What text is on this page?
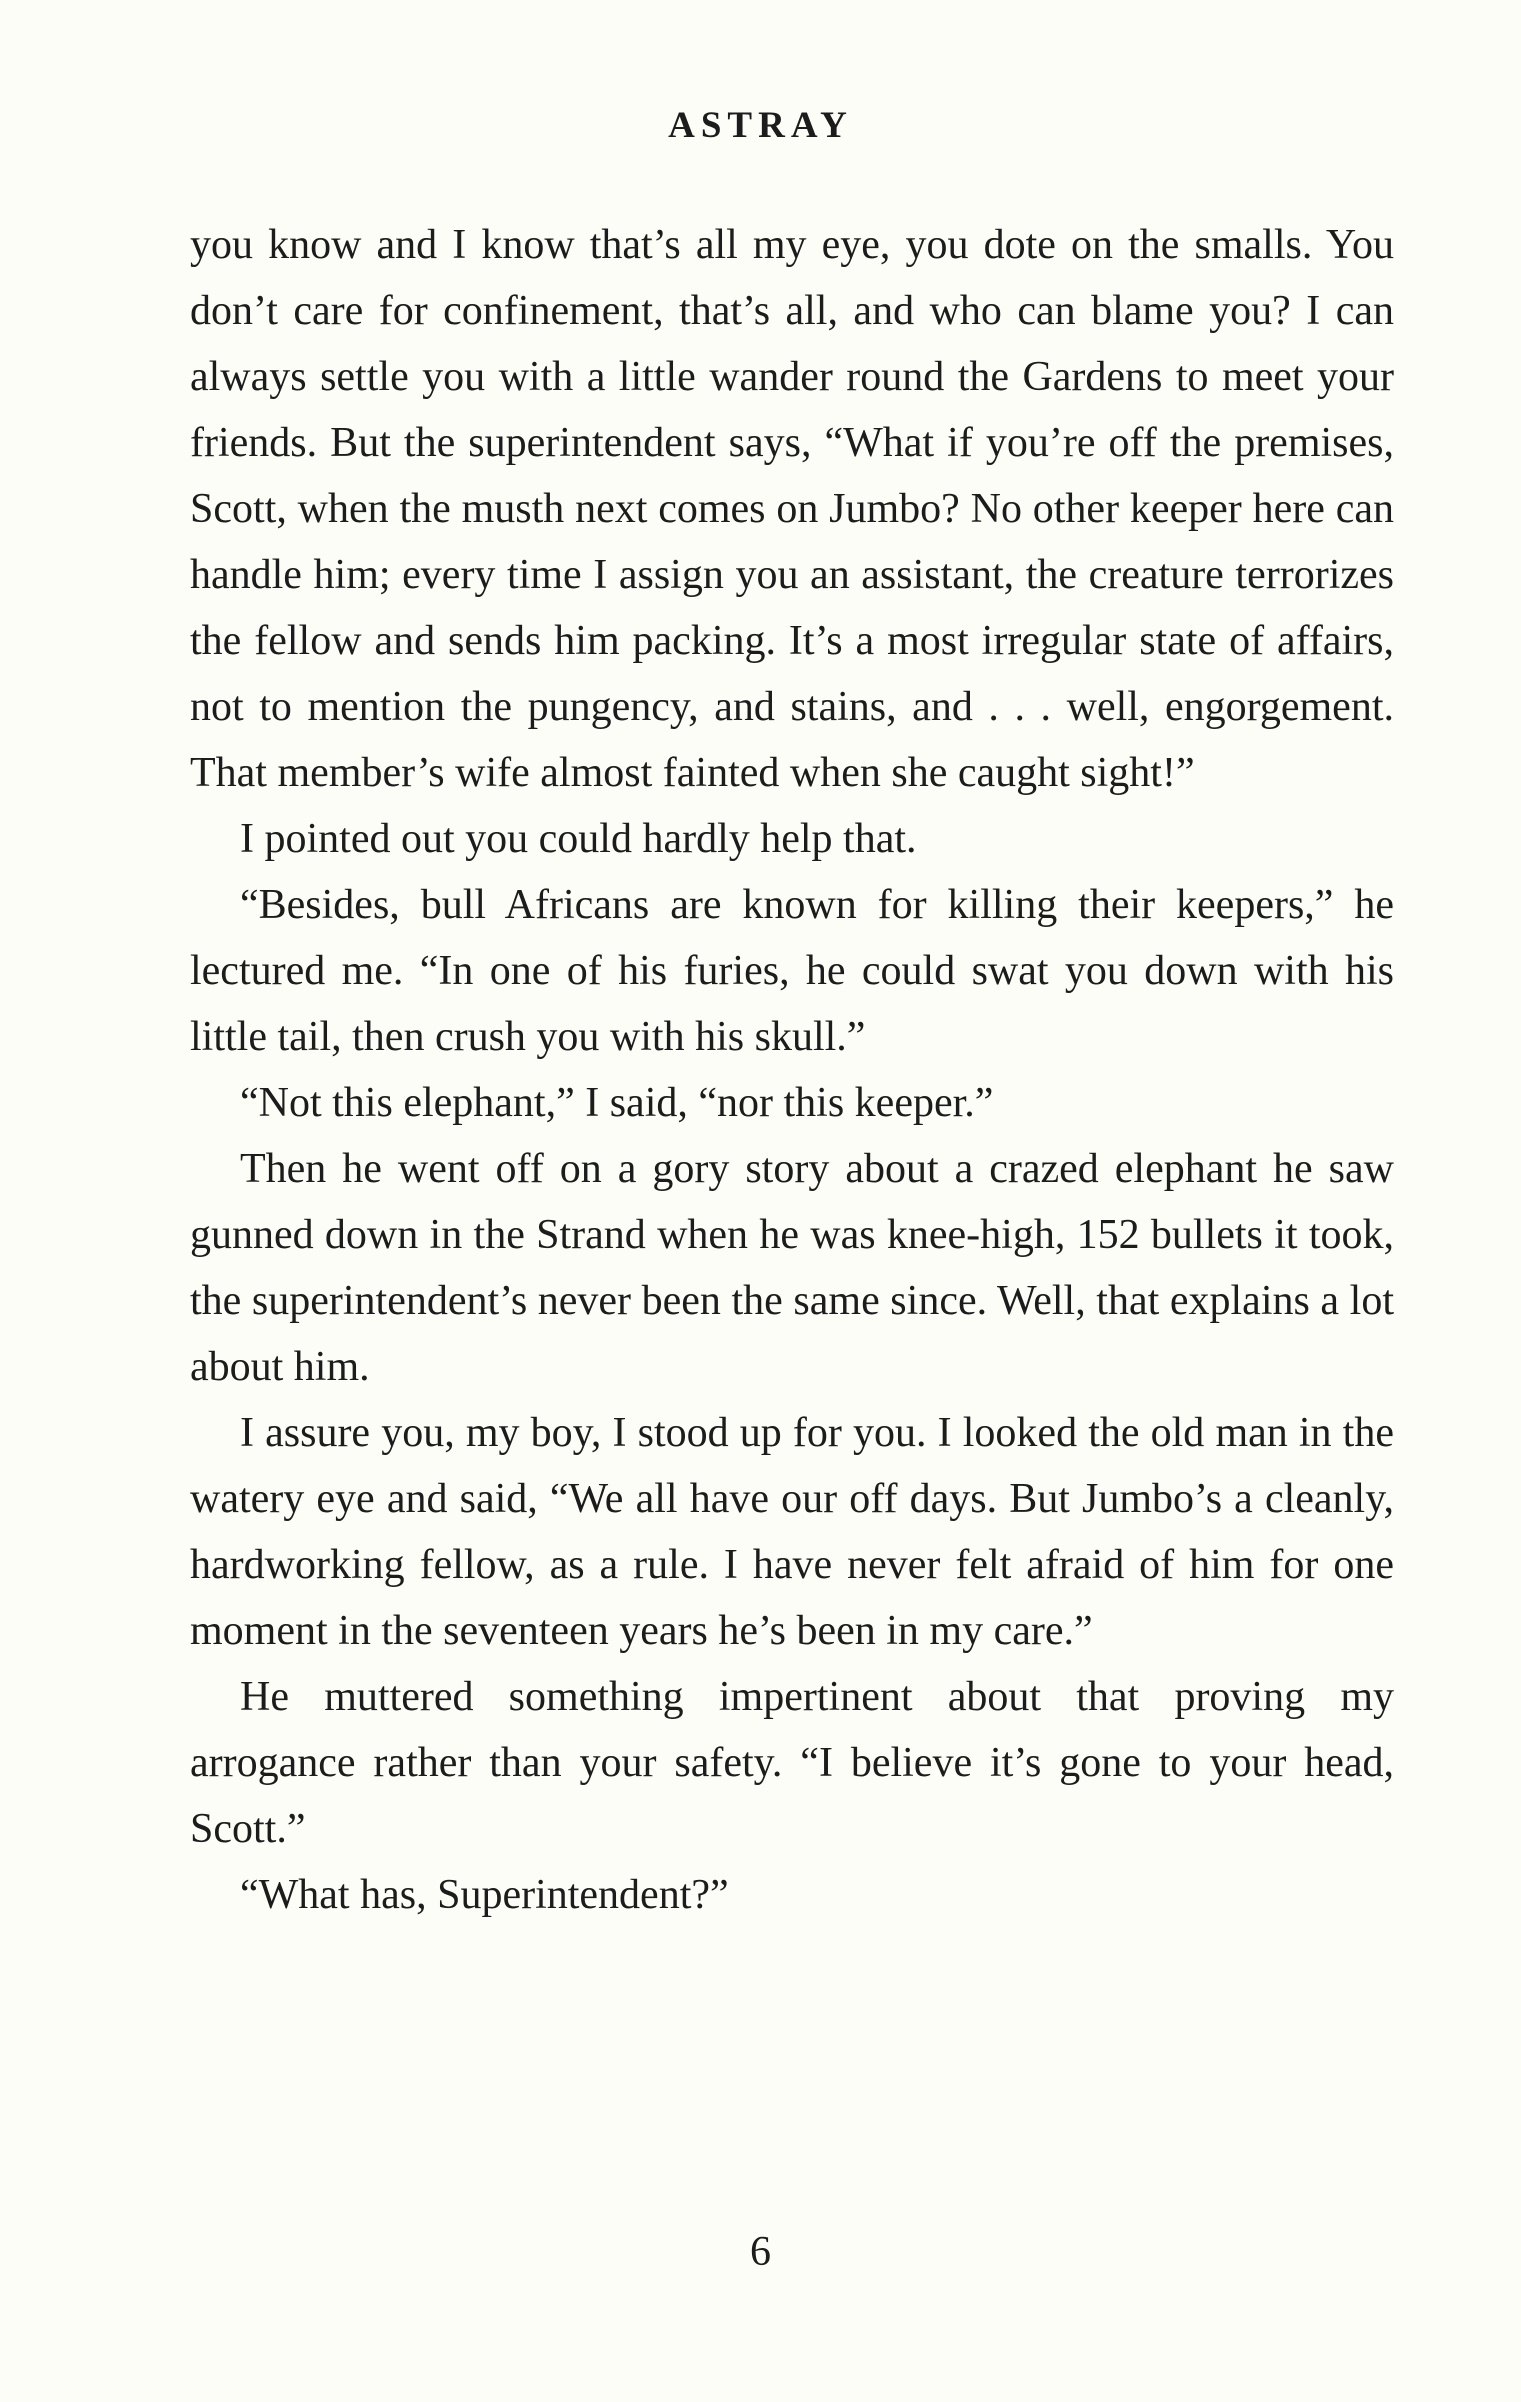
ASTRAY

you know and I know that’s all my eye, you dote on the smalls. You don’t care for confinement, that’s all, and who can blame you? I can always settle you with a little wander round the Gardens to meet your friends. But the superintendent says, “What if you’re off the premises, Scott, when the musth next comes on Jumbo? No other keeper here can handle him; every time I assign you an assistant, the creature terrorizes the fellow and sends him packing. It’s a most irregular state of affairs, not to mention the pungency, and stains, and . . . well, engorgement. That member’s wife almost fainted when she caught sight!”

I pointed out you could hardly help that.

“Besides, bull Africans are known for killing their keepers,” he lectured me. “In one of his furies, he could swat you down with his little tail, then crush you with his skull.”

“Not this elephant,” I said, “nor this keeper.”

Then he went off on a gory story about a crazed elephant he saw gunned down in the Strand when he was knee-high, 152 bullets it took, the superintendent’s never been the same since. Well, that explains a lot about him.

I assure you, my boy, I stood up for you. I looked the old man in the watery eye and said, “We all have our off days. But Jumbo’s a cleanly, hardworking fellow, as a rule. I have never felt afraid of him for one moment in the seventeen years he’s been in my care.”

He muttered something impertinent about that proving my arrogance rather than your safety. “I believe it’s gone to your head, Scott.”

“What has, Superintendent?”

6
